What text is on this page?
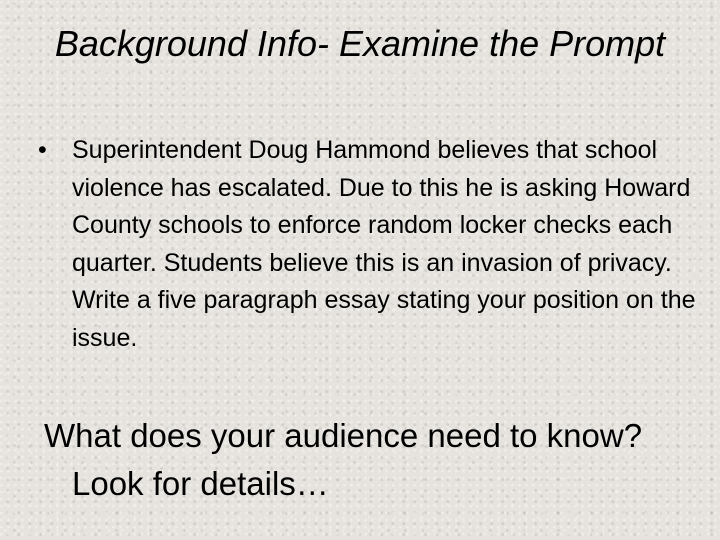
Background Info- Examine the Prompt
• Superintendent Doug Hammond believes that school violence has escalated. Due to this he is asking Howard County schools to enforce random locker checks each quarter. Students believe this is an invasion of privacy. Write a five paragraph essay stating your position on the issue.
What does your audience need to know? Look for details…
